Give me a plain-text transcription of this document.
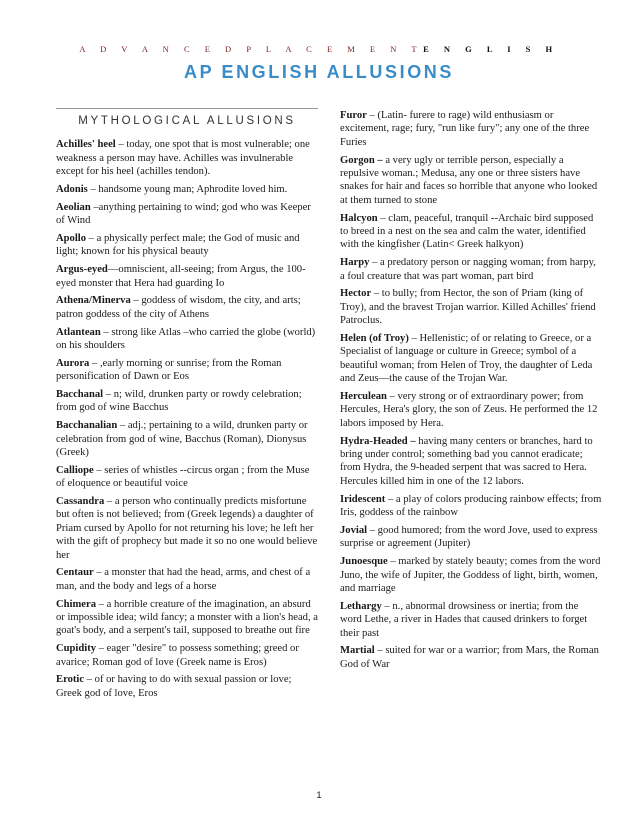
A D V A N C E D P L A C E M E N TE N G L I S H
AP ENGLISH ALLUSIONS
MYTHOLOGICAL ALLUSIONS
Achilles' heel – today, one spot that is most vulnerable; one weakness a person may have. Achilles was invulnerable except for his heel (achilles tendon).
Adonis – handsome young man; Aphrodite loved him.
Aeolian –anything pertaining to wind; god who was Keeper of Wind
Apollo – a physically perfect male; the God of music and light; known for his physical beauty
Argus-eyed—omniscient, all-seeing; from Argus, the 100-eyed monster that Hera had guarding Io
Athena/Minerva – goddess of wisdom, the city, and arts; patron goddess of the city of Athens
Atlantean – strong like Atlas –who carried the globe (world) on his shoulders
Aurora – ,early morning or sunrise; from the Roman personification of Dawn or Eos
Bacchanal – n; wild, drunken party or rowdy celebration; from god of wine Bacchus
Bacchanalian – adj.; pertaining to a wild, drunken party or celebration from god of wine, Bacchus (Roman), Dionysus (Greek)
Calliope – series of whistles --circus organ ; from the Muse of eloquence or beautiful voice
Cassandra – a person who continually predicts misfortune but often is not believed; from (Greek legends) a daughter of Priam cursed by Apollo for not returning his love; he left her with the gift of prophecy but made it so no one would believe her
Centaur – a monster that had the head, arms, and chest of a man, and the body and legs of a horse
Chimera – a horrible creature of the imagination, an absurd or impossible idea; wild fancy; a monster with a lion's head, a goat's body, and a serpent's tail, supposed to breathe out fire
Cupidity – eager "desire" to possess something; greed or avarice; Roman god of love (Greek name is Eros)
Erotic – of or having to do with sexual passion or love; Greek god of love, Eros
Furor – (Latin- furere to rage) wild enthusiasm or excitement, rage; fury, "run like fury"; any one of the three Furies
Gorgon – a very ugly or terrible person, especially a repulsive woman.; Medusa, any one or three sisters have snakes for hair and faces so horrible that anyone who looked at them turned to stone
Halcyon – clam, peaceful, tranquil --Archaic bird supposed to breed in a nest on the sea and calm the water, identified with the kingfisher (Latin< Greek halkyon)
Harpy – a predatory person or nagging woman; from harpy, a foul creature that was part woman, part bird
Hector – to bully; from Hector, the son of Priam (king of Troy), and the bravest Trojan warrior. Killed Achilles' friend Patroclus.
Helen (of Troy) – Hellenistic; of or relating to Greece, or a Specialist of language or culture in Greece; symbol of a beautiful woman; from Helen of Troy, the daughter of Leda and Zeus—the cause of the Trojan War.
Herculean – very strong or of extraordinary power; from Hercules, Hera's glory, the son of Zeus. He performed the 12 labors imposed by Hera.
Hydra-Headed – having many centers or branches, hard to bring under control; something bad you cannot eradicate; from Hydra, the 9-headed serpent that was sacred to Hera. Hercules killed him in one of the 12 labors.
Iridescent – a play of colors producing rainbow effects; from Iris, goddess of the rainbow
Jovial – good humored; from the word Jove, used to express surprise or agreement (Jupiter)
Junoesque – marked by stately beauty; comes from the word Juno, the wife of Jupiter, the Goddess of light, birth, women, and marriage
Lethargy – n., abnormal drowsiness or inertia; from the word Lethe, a river in Hades that caused drinkers to forget their past
Martial – suited for war or a warrior; from Mars, the Roman God of War
1
